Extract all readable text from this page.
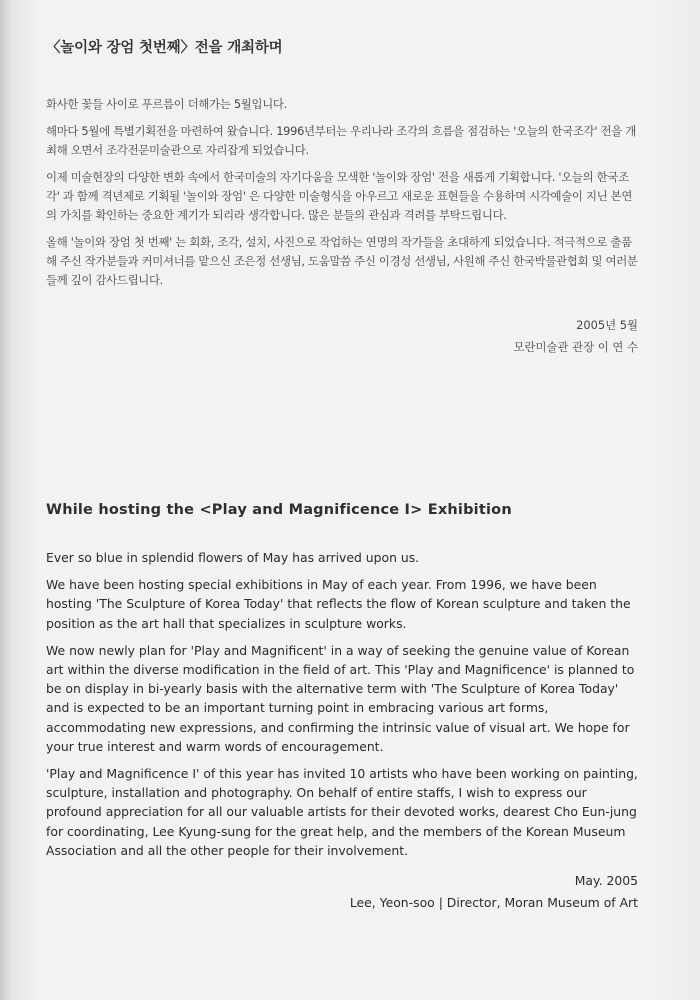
〈놀이와 장엄 첫번째〉전을 개최하며

화사한 꽃들 사이로 푸르름이 더해가는 5월입니다.

해마다 5월에 특별기획전을 마련하여 왔습니다. 1996년부터는 우리나라 조각의 흐름을 점검하는 '오늘의 한국조각' 전을 개최해 오면서 조각전문미술관으로 자리잡게 되었습니다.

이제 미술현장의 다양한 변화 속에서 한국미술의 자기다움을 모색한 '놀이와 장엄' 전을 새롭게 기획합니다. '오늘의 한국조각' 과 함께 격년제로 기획될 '놀이와 장엄' 은 다양한 미술형식을 아우르고 새로운 표현들을 수용하며 시각예술이 지닌 본연의 가치를 확인하는 중요한 계기가 되리라 생각합니다. 많은 분들의 관심과 격려를 부탁드립니다.

올해 '놀이와 장엄 첫 번째' 는 회화, 조각, 설치, 사진으로 작업하는 연명의 작가들을 초대하게 되었습니다. 적극적으로 출품해 주신 작가분들과 커미셔너를 맡으신 조은정 선생님, 도움말씀 주신 이경성 선생님, 사원해 주신 한국박물관협회 및 여러분들께 깊이 감사드립니다.

2005년 5월
모란미술관 관장 이 연 수
While hosting the <Play and Magnificence I> Exhibition

Ever so blue in splendid flowers of May has arrived upon us.

We have been hosting special exhibitions in May of each year. From 1996, we have been hosting 'The Sculpture of Korea Today' that reflects the flow of Korean sculpture and taken the position as the art hall that specializes in sculpture works.

We now newly plan for 'Play and Magnificent' in a way of seeking the genuine value of Korean art within the diverse modification in the field of art. This 'Play and Magnificence' is planned to be on display in bi-yearly basis with the alternative term with 'The Sculpture of Korea Today' and is expected to be an important turning point in embracing various art forms, accommodating new expressions, and confirming the intrinsic value of visual art. We hope for your true interest and warm words of encouragement.

'Play and Magnificence I' of this year has invited 10 artists who have been working on painting, sculpture, installation and photography. On behalf of entire staffs, I wish to express our profound appreciation for all our valuable artists for their devoted works, dearest Cho Eun-jung for coordinating, Lee Kyung-sung for the great help, and the members of the Korean Museum Association and all the other people for their involvement.

May. 2005
Lee, Yeon-soo | Director, Moran Museum of Art
